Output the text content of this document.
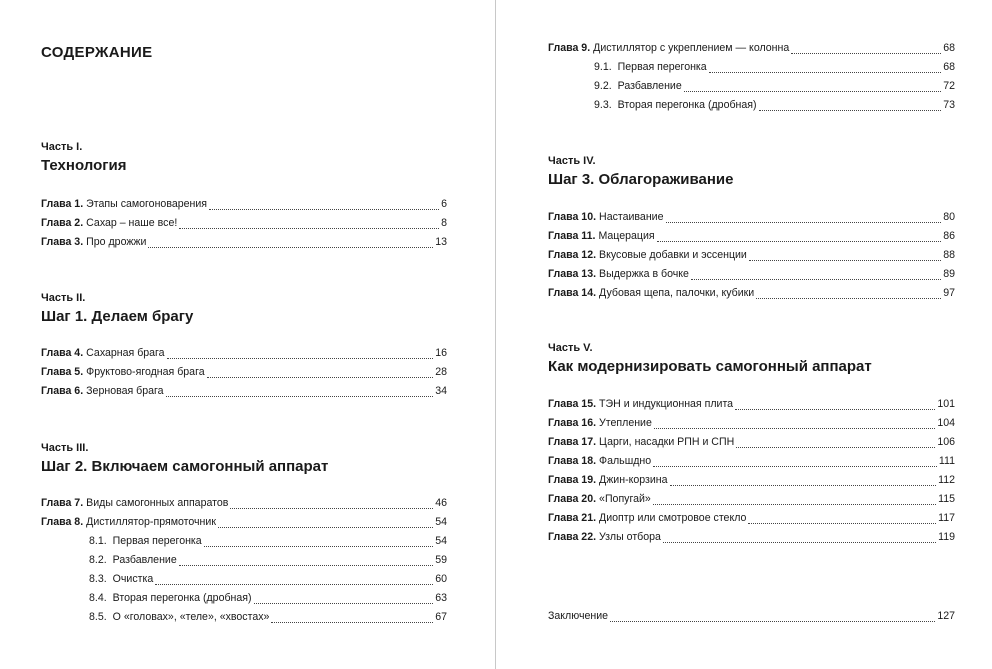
СОДЕРЖАНИЕ
Часть I.
Технология
Глава 1. Этапы самогоноварения	6
Глава 2. Сахар – наше все!	8
Глава 3. Про дрожжи	13
Часть II.
Шаг 1. Делаем брагу
Глава 4. Сахарная брага	16
Глава 5. Фруктово-ягодная брага	28
Глава 6. Зерновая брага	34
Часть III.
Шаг 2. Включаем самогонный аппарат
Глава 7. Виды самогонных аппаратов	46
Глава 8. Дистиллятор-прямоточник	54
8.1. Первая перегонка	54
8.2. Разбавление	59
8.3. Очистка	60
8.4. Вторая перегонка (дробная)	63
8.5. О «головах», «теле», «хвостах»	67
Глава 9. Дистиллятор с укреплением — колонна	68
9.1. Первая перегонка	68
9.2. Разбавление	72
9.3. Вторая перегонка (дробная)	73
Часть IV.
Шаг 3. Облагораживание
Глава 10. Настаивание	80
Глава 11. Мацерация	86
Глава 12. Вкусовые добавки и эссенции	88
Глава 13. Выдержка в бочке	89
Глава 14. Дубовая щепа, палочки, кубики	97
Часть V.
Как модернизировать самогонный аппарат
Глава 15. ТЭН и индукционная плита	101
Глава 16. Утепление	104
Глава 17. Царги, насадки РПН и СПН	106
Глава 18. Фальшдно	111
Глава 19. Джин-корзина	112
Глава 20. «Попугай»	115
Глава 21. Диоптр или смотровое стекло	117
Глава 22. Узлы отбора	119
Заключение	127
